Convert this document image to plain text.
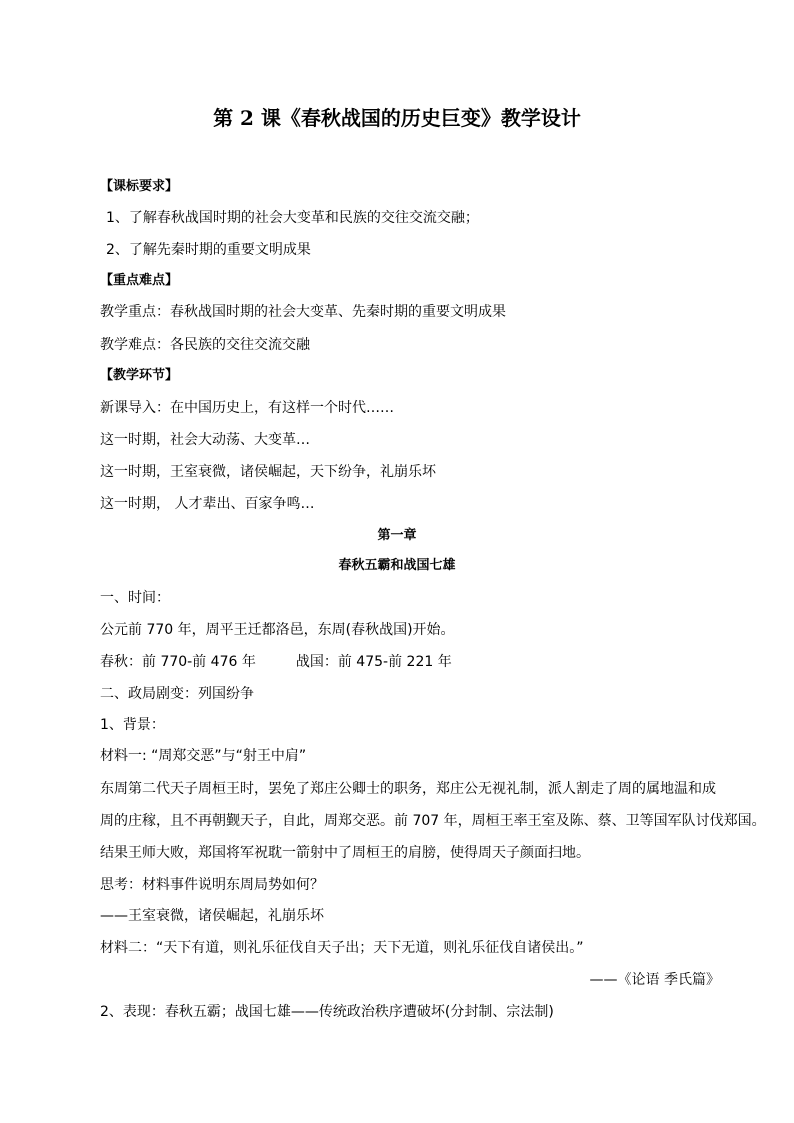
第 2 课《春秋战国的历史巨变》教学设计
【课标要求】
1、了解春秋战国时期的社会大变革和民族的交往交流交融；
2、了解先秦时期的重要文明成果
【重点难点】
教学重点：春秋战国时期的社会大变革、先秦时期的重要文明成果
教学难点：各民族的交往交流交融
【教学环节】
新课导入：在中国历史上，有这样一个时代……
这一时期，社会大动荡、大变革…
这一时期，王室衰微，诸侯崛起，天下纷争，礼崩乐坏
这一时期， 人才辈出、百家争鸣…
第一章
春秋五霸和战国七雄
一、时间：
公元前 770 年，周平王迁都洛邑，东周(春秋战国)开始。
春秋：前 770-前 476 年	战国：前 475-前 221 年
二、政局剧变：列国纷争
1、背景：
材料一: “周郑交恶”与“射王中肩”
东周第二代天子周桓王时，罢免了郑庄公卿士的职务，郑庄公无视礼制，派人割走了周的属地温和成
周的庄稼，且不再朝觐天子，自此，周郑交恶。前 707 年，周桓王率王室及陈、蔡、卫等国军队讨伐郑国。
结果王师大败，郑国将军祝耽一箭射中了周桓王的肩膀，使得周天子颜面扫地。
思考：材料事件说明东周局势如何？
——王室衰微，诸侯崛起，礼崩乐坏
材料二：“天下有道，则礼乐征伐自天子出；天下无道，则礼乐征伐自诸侯出。”
——《论语 季氏篇》
2、表现：春秋五霸；战国七雄——传统政治秩序遭破坏(分封制、宗法制)
